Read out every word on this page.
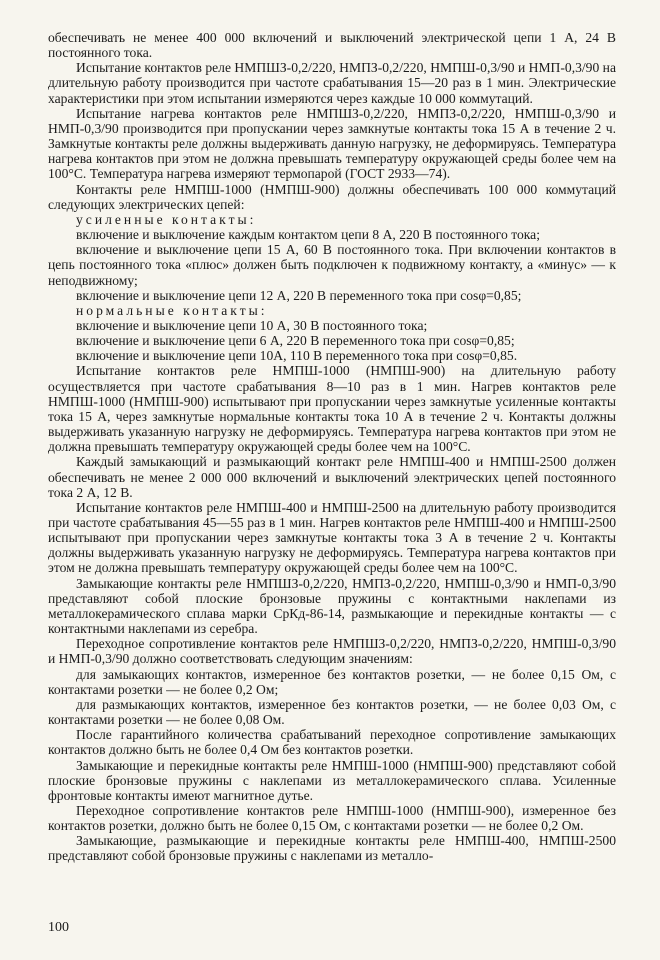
обеспечивать не менее 400 000 включений и выключений электрической цепи 1 А, 24 В постоянного тока.

Испытание контактов реле НМПШЗ-0,2/220, НМПЗ-0,2/220, НМПШ-0,3/90 и НМП-0,3/90 на длительную работу производится при частоте срабатывания 15—20 раз в 1 мин. Электрические характеристики при этом испытании измеряются через каждые 10 000 коммутаций.

Испытание нагрева контактов реле НМПШЗ-0,2/220, НМПЗ-0,2/220, НМПШ-0,3/90 и НМП-0,3/90 производится при пропускании через замкнутые контакты тока 15 А в течение 2 ч. Замкнутые контакты реле должны выдерживать данную нагрузку, не деформируясь. Температура нагрева контактов при этом не должна превышать температуру окружающей среды более чем на 100°С. Температура нагрева измеряют термопарой (ГОСТ 2933—74).

Контакты реле НМПШ-1000 (НМПШ-900) должны обеспечивать 100 000 коммутаций следующих электрических цепей:

усиленные контакты:

включение и выключение каждым контактом цепи 8 А, 220 В постоянного тока;

включение и выключение цепи 15 А, 60 В постоянного тока. При включении контактов в цепь постоянного тока «плюс» должен быть подключен к подвижному контакту, а «минус» — к неподвижному;

включение и выключение цепи 12 А, 220 В переменного тока при cosφ=0,85;

нормальные контакты:

включение и выключение цепи 10 А, 30 В постоянного тока;

включение и выключение цепи 6 А, 220 В переменного тока при cosφ=0,85;

включение и выключение цепи 10А, 110 В переменного тока при cosφ=0,85.

Испытание контактов реле НМПШ-1000 (НМПШ-900) на длительную работу осуществляется при частоте срабатывания 8—10 раз в 1 мин. Нагрев контактов реле НМПШ-1000 (НМПШ-900) испытывают при пропускании через замкнутые усиленные контакты тока 15 А, через замкнутые нормальные контакты тока 10 А в течение 2 ч. Контакты должны выдерживать указанную нагрузку не деформируясь. Температура нагрева контактов при этом не должна превышать температуру окружающей среды более чем на 100°С.

Каждый замыкающий и размыкающий контакт реле НМПШ-400 и НМПШ-2500 должен обеспечивать не менее 2 000 000 включений и выключений электрических цепей постоянного тока 2 А, 12 В.

Испытание контактов реле НМПШ-400 и НМПШ-2500 на длительную работу производится при частоте срабатывания 45—55 раз в 1 мин. Нагрев контактов реле НМПШ-400 и НМПШ-2500 испытывают при пропускании через замкнутые контакты тока 3 А в течение 2 ч. Контакты должны выдерживать указанную нагрузку не деформируясь. Температура нагрева контактов при этом не должна превышать температуру окружающей среды более чем на 100°С.

Замыкающие контакты реле НМПШЗ-0,2/220, НМПЗ-0,2/220, НМПШ-0,3/90 и НМП-0,3/90 представляют собой плоские бронзовые пружины с контактными наклепами из металлокерамического сплава марки СрКд-86-14, размыкающие и перекидные контакты — с контактными наклепами из серебра.

Переходное сопротивление контактов реле НМПШЗ-0,2/220, НМПЗ-0,2/220, НМПШ-0,3/90 и НМП-0,3/90 должно соответствовать следующим значениям:

для замыкающих контактов, измеренное без контактов розетки, — не более 0,15 Ом, с контактами розетки — не более 0,2 Ом;

для размыкающих контактов, измеренное без контактов розетки, — не более 0,03 Ом, с контактами розетки — не более 0,08 Ом.

После гарантийного количества срабатываний переходное сопротивление замыкающих контактов должно быть не более 0,4 Ом без контактов розетки.

Замыкающие и перекидные контакты реле НМПШ-1000 (НМПШ-900) представляют собой плоские бронзовые пружины с наклепами из металлокерамического сплава. Усиленные фронтовые контакты имеют магнитное дутье.

Переходное сопротивление контактов реле НМПШ-1000 (НМПШ-900), измеренное без контактов розетки, должно быть не более 0,15 Ом, с контактами розетки — не более 0,2 Ом.

Замыкающие, размыкающие и перекидные контакты реле НМПШ-400, НМПШ-2500 представляют собой бронзовые пружины с наклепами из металло-

100
